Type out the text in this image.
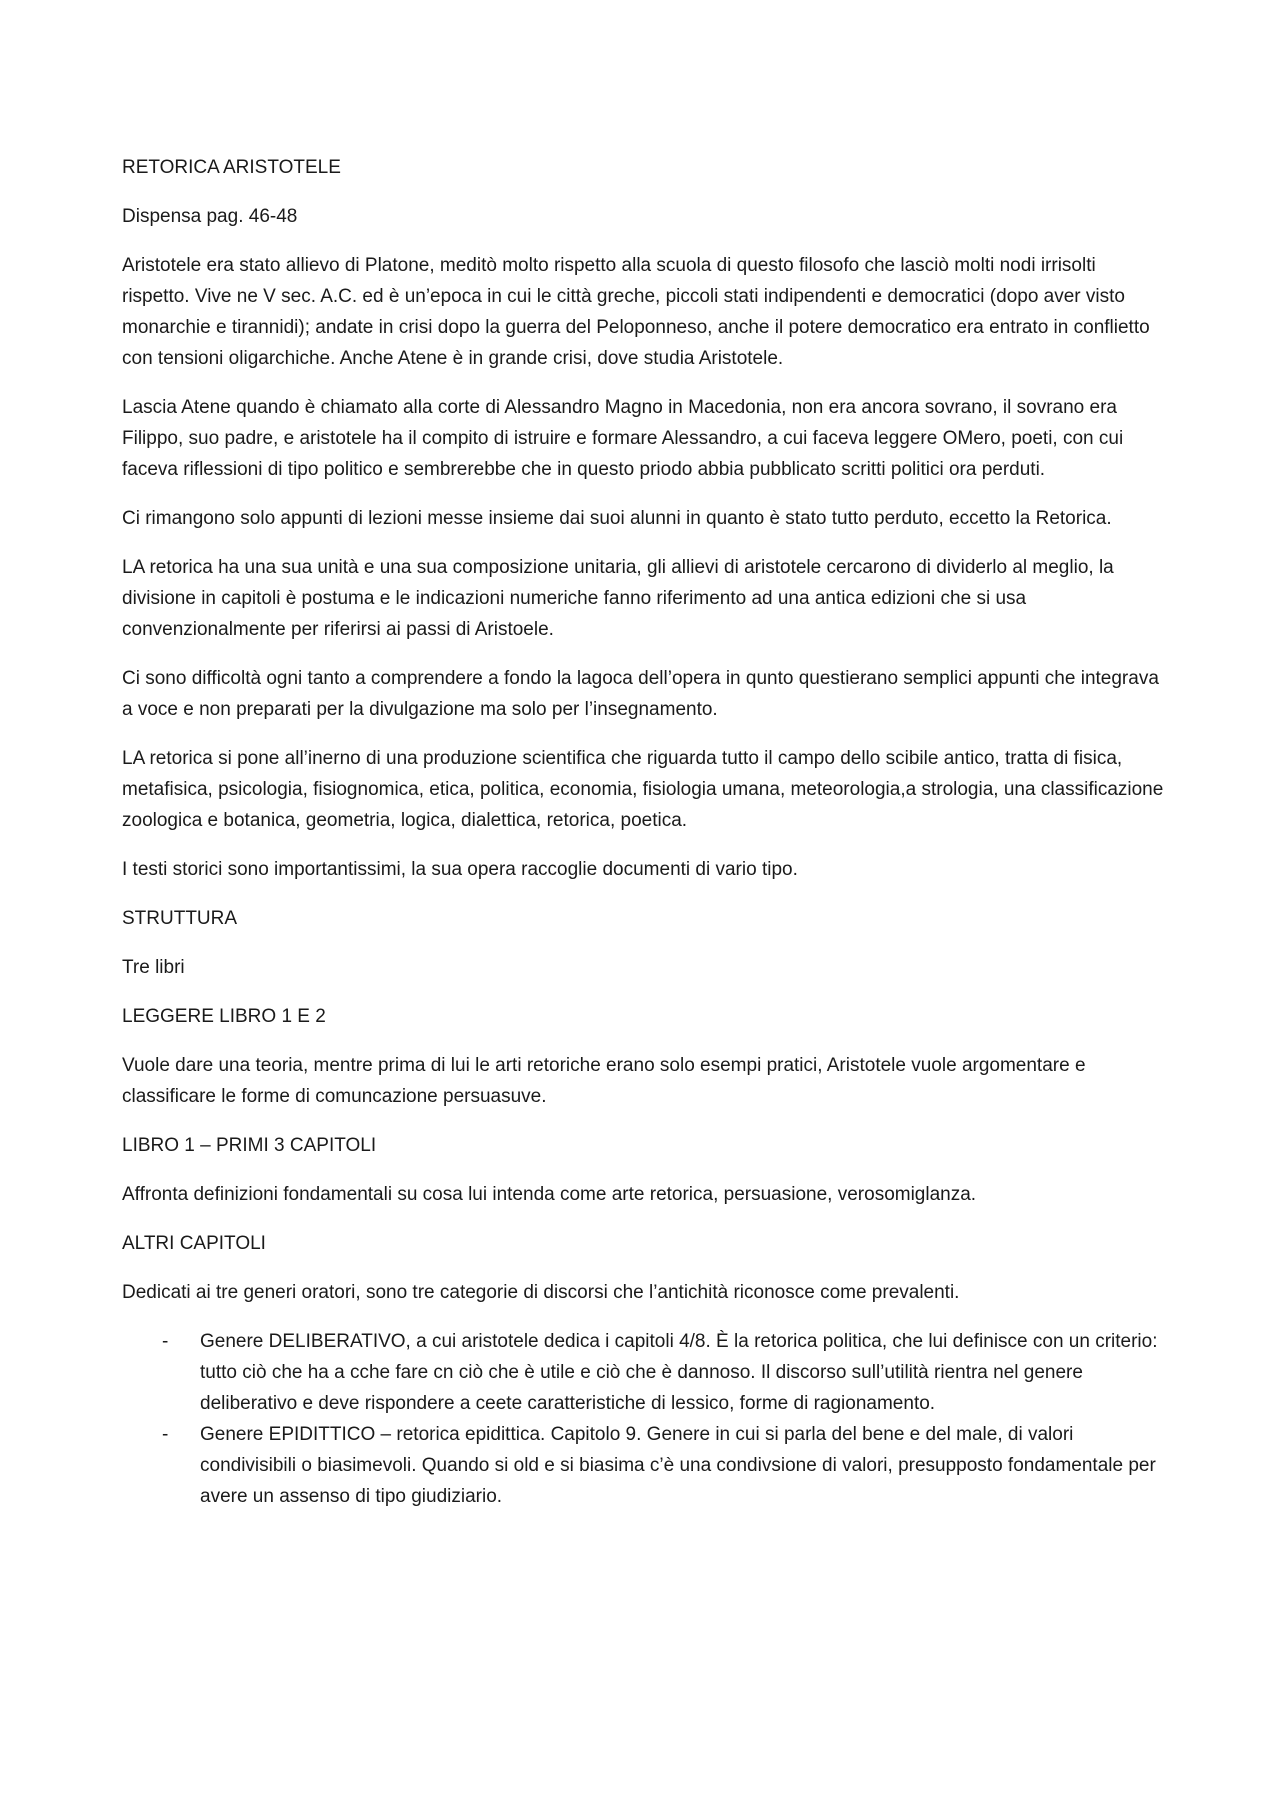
RETORICA ARISTOTELE

Dispensa pag. 46-48

Aristotele era stato allievo di Platone, meditò molto rispetto alla scuola di questo filosofo che lasciò molti nodi irrisolti rispetto. Vive ne V sec. A.C. ed è un’epoca in cui le città greche, piccoli stati indipendenti e democratici (dopo aver visto monarchie e tirannidi); andate in crisi dopo la guerra del Peloponneso, anche il potere democratico era entrato in conflietto con tensioni oligarchiche. Anche Atene è in grande crisi, dove studia Aristotele.

Lascia Atene quando è chiamato alla corte di Alessandro Magno in Macedonia, non era ancora sovrano, il sovrano era Filippo, suo padre, e aristotele ha il compito di istruire e formare Alessandro, a cui faceva leggere OMero, poeti, con cui faceva riflessioni di tipo politico e sembrerebbe che in questo priodo abbia pubblicato scritti politici ora perduti.

Ci rimangono solo appunti di lezioni messe insieme dai suoi alunni in quanto è stato tutto perduto, eccetto la Retorica.

LA retorica ha una sua unità e una sua composizione unitaria, gli allievi di aristotele cercarono di dividerlo al meglio, la divisione in capitoli è postuma e le indicazioni numeriche fanno riferimento ad una antica edizioni che si usa convenzionalmente per riferirsi ai passi di Aristoele.

Ci sono difficoltà ogni tanto a comprendere a fondo la lagoca dell’opera in qunto questierano semplici appunti che integrava a voce e non preparati per la divulgazione ma solo per l’insegnamento.

LA retorica si pone all’inerno di una produzione scientifica che riguarda tutto il campo dello scibile antico, tratta di fisica, metafisica, psicologia, fisiognomica, etica, politica, economia, fisiologia umana, meteorologia,a strologia, una classificazione zoologica e botanica, geometria, logica, dialettica, retorica, poetica.

I testi storici sono importantissimi, la sua opera raccoglie documenti di vario tipo.

STRUTTURA

Tre libri

LEGGERE LIBRO 1 E 2

Vuole dare una teoria, mentre prima di lui le arti retoriche erano solo esempi pratici, Aristotele vuole argomentare e classificare le forme di comuncazione persuasuve.

LIBRO 1 – PRIMI 3 CAPITOLI

Affronta definizioni fondamentali su cosa lui intenda come arte retorica, persuasione, verosomiglanza.

ALTRI CAPITOLI

Dedicati ai tre generi oratori, sono tre categorie di discorsi che l’antichità riconosce come prevalenti.

- Genere DELIBERATIVO, a cui aristotele dedica i capitoli 4/8. È la retorica politica, che lui definisce con un criterio: tutto ciò che ha a cche fare cn ciò che è utile e ciò che è dannoso. Il discorso sull’utilità rientra nel genere deliberativo e deve rispondere a ceete caratteristiche di lessico, forme di ragionamento.
- Genere EPIDITTICO – retorica epidittica. Capitolo 9. Genere in cui si parla del bene e del male, di valori condivisibili o biasimevoli. Quando si old e si biasima c’è una condivsione di valori, presupposto fondamentale per avere un assenso di tipo giudiziario.
